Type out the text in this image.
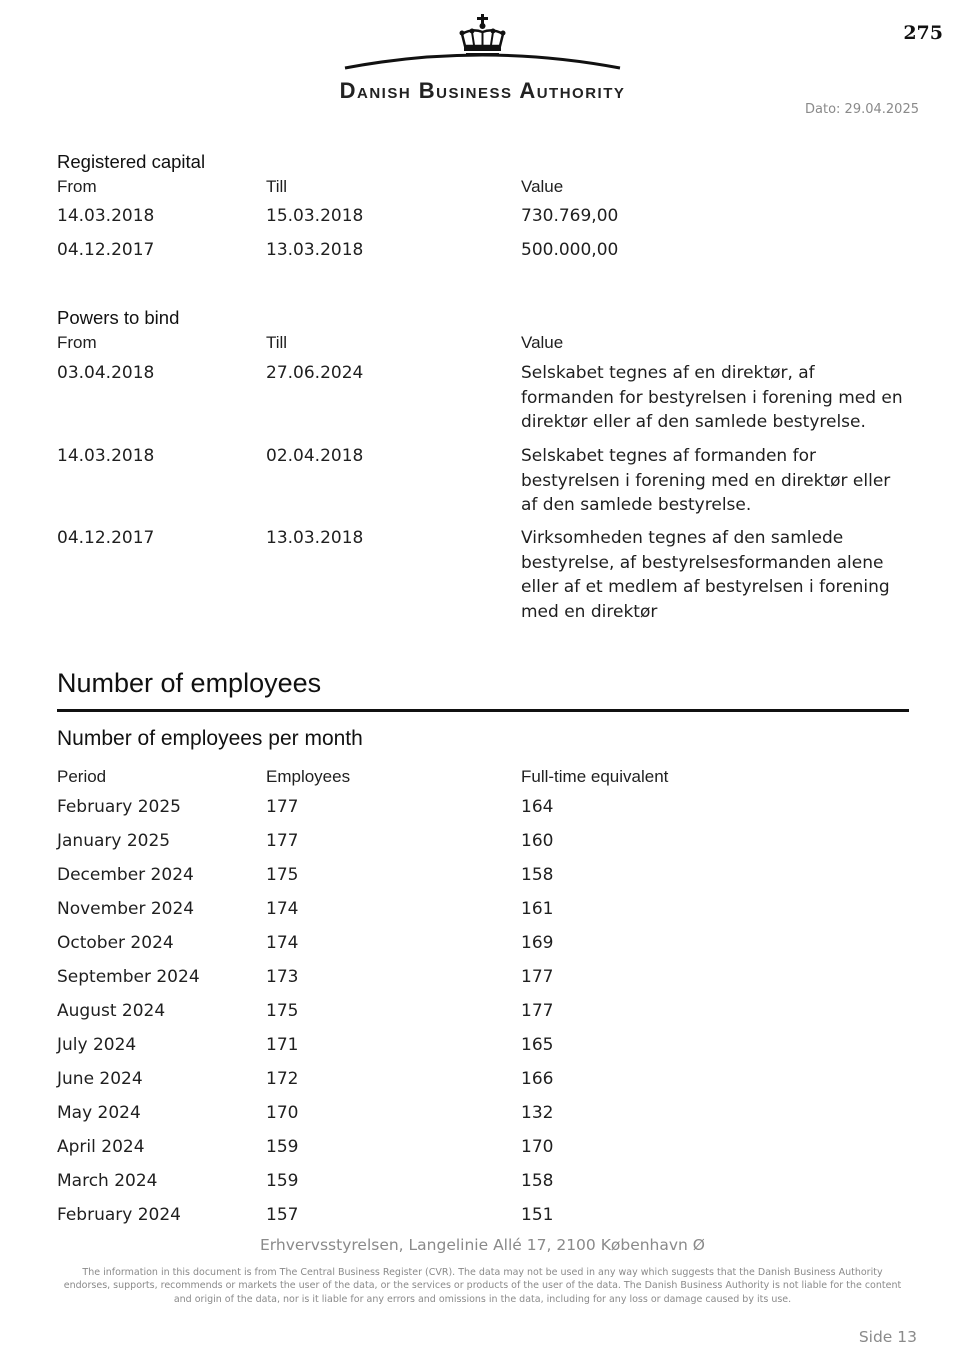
275
Danish Business Authority
Dato: 29.04.2025
Registered capital
From	Till	Value
14.03.2018	15.03.2018	730.769,00
04.12.2017	13.03.2018	500.000,00
Powers to bind
From	Till	Value
03.04.2018	27.06.2024	Selskabet tegnes af en direktør, af formanden for bestyrelsen i forening med en direktør eller af den samlede bestyrelse.
14.03.2018	02.04.2018	Selskabet tegnes af formanden for bestyrelsen i forening med en direktør eller af den samlede bestyrelse.
04.12.2017	13.03.2018	Virksomheden tegnes af den samlede bestyrelse, af bestyrelsesformanden alene eller af et medlem af bestyrelsen i forening med en direktør
Number of employees
Number of employees per month
Period	Employees	Full-time equivalent
February 2025	177	164
January 2025	177	160
December 2024	175	158
November 2024	174	161
October 2024	174	169
September 2024	173	177
August 2024	175	177
July 2024	171	165
June 2024	172	166
May 2024	170	132
April 2024	159	170
March 2024	159	158
February 2024	157	151
Erhvervsstyrelsen, Langelinie Allé 17, 2100 København Ø
The information in this document is from The Central Business Register (CVR). The data may not be used in any way which suggests that the Danish Business Authority endorses, supports, recommends or markets the user of the data, or the services or products of the user of the data. The Danish Business Authority is not liable for the content and origin of the data, nor is it liable for any errors and omissions in the data, including for any loss or damage caused by its use.
Side 13
